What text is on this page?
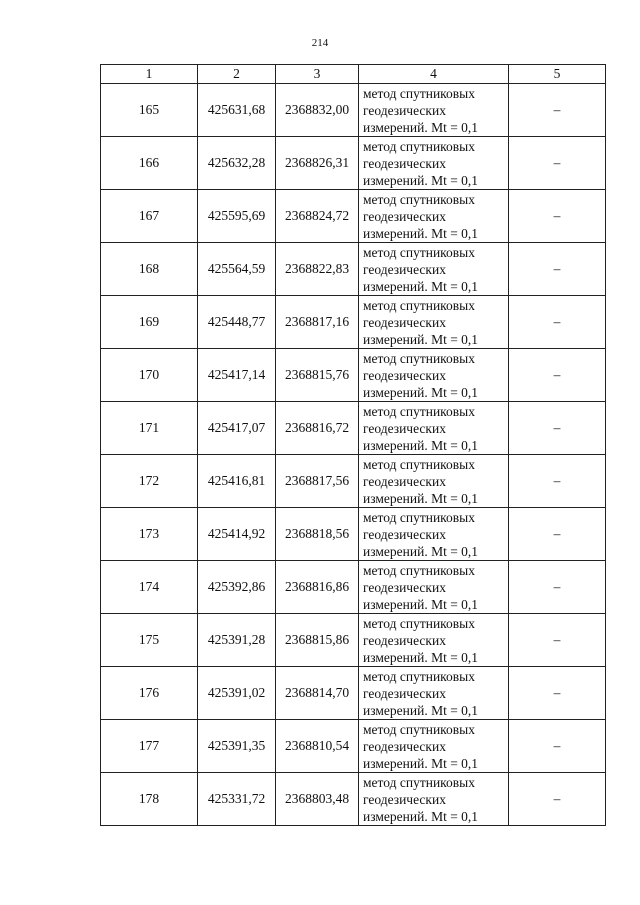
214
1	2	3	4	5
165	425631,68	2368832,00	метод спутниковых
геодезических
измерений. Mt = 0,1	–
166	425632,28	2368826,31	метод спутниковых
геодезических
измерений. Mt = 0,1	–
167	425595,69	2368824,72	метод спутниковых
геодезических
измерений. Mt = 0,1	–
168	425564,59	2368822,83	метод спутниковых
геодезических
измерений. Mt = 0,1	–
169	425448,77	2368817,16	метод спутниковых
геодезических
измерений. Mt = 0,1	–
170	425417,14	2368815,76	метод спутниковых
геодезических
измерений. Mt = 0,1	–
171	425417,07	2368816,72	метод спутниковых
геодезических
измерений. Mt = 0,1	–
172	425416,81	2368817,56	метод спутниковых
геодезических
измерений. Mt = 0,1	–
173	425414,92	2368818,56	метод спутниковых
геодезических
измерений. Mt = 0,1	–
174	425392,86	2368816,86	метод спутниковых
геодезических
измерений. Mt = 0,1	–
175	425391,28	2368815,86	метод спутниковых
геодезических
измерений. Mt = 0,1	–
176	425391,02	2368814,70	метод спутниковых
геодезических
измерений. Mt = 0,1	–
177	425391,35	2368810,54	метод спутниковых
геодезических
измерений. Mt = 0,1	–
178	425331,72	2368803,48	метод спутниковых
геодезических
измерений. Mt = 0,1	–
